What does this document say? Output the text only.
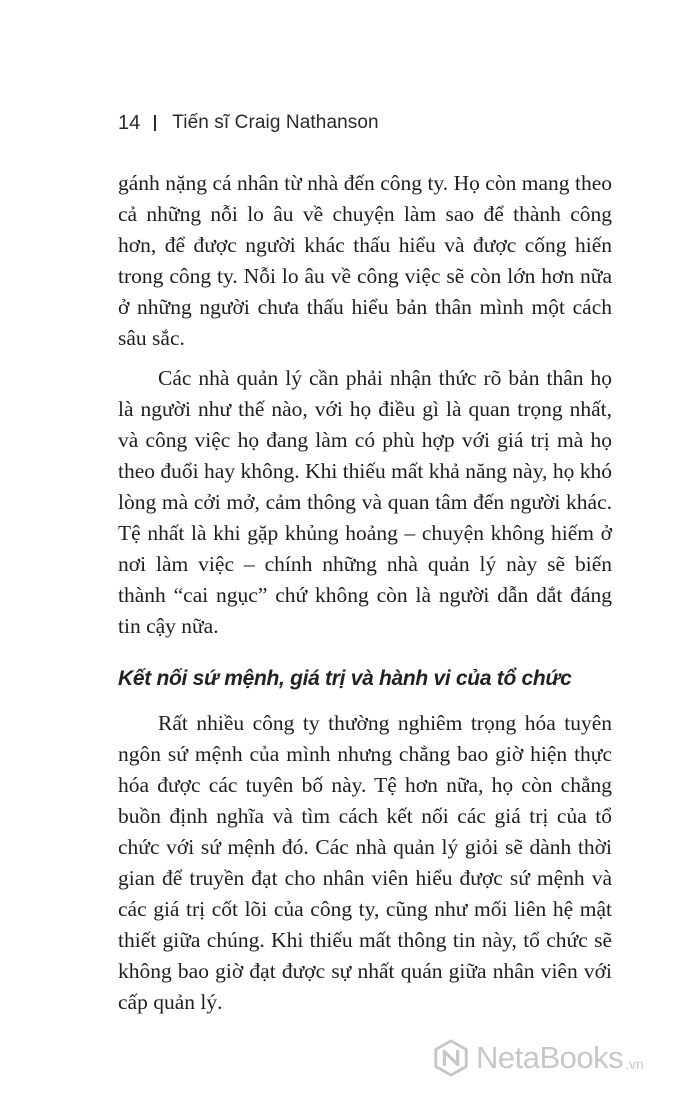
14 Tiến sĩ Craig Nathanson

gánh nặng cá nhân từ nhà đến công ty. Họ còn mang theo cả những nỗi lo âu về chuyện làm sao để thành công hơn, để được người khác thấu hiểu và được cống hiến trong công ty. Nỗi lo âu về công việc sẽ còn lớn hơn nữa ở những người chưa thấu hiểu bản thân mình một cách sâu sắc.

Các nhà quản lý cần phải nhận thức rõ bản thân họ là người như thế nào, với họ điều gì là quan trọng nhất, và công việc họ đang làm có phù hợp với giá trị mà họ theo đuổi hay không. Khi thiếu mất khả năng này, họ khó lòng mà cởi mở, cảm thông và quan tâm đến người khác. Tệ nhất là khi gặp khủng hoảng – chuyện không hiếm ở nơi làm việc – chính những nhà quản lý này sẽ biến thành “cai ngục” chứ không còn là người dẫn dắt đáng tin cậy nữa.

Kết nối sứ mệnh, giá trị và hành vi của tổ chức

Rất nhiều công ty thường nghiêm trọng hóa tuyên ngôn sứ mệnh của mình nhưng chẳng bao giờ hiện thực hóa được các tuyên bố này. Tệ hơn nữa, họ còn chẳng buồn định nghĩa và tìm cách kết nối các giá trị của tổ chức với sứ mệnh đó. Các nhà quản lý giỏi sẽ dành thời gian để truyền đạt cho nhân viên hiểu được sứ mệnh và các giá trị cốt lõi của công ty, cũng như mối liên hệ mật thiết giữa chúng. Khi thiếu mất thông tin này, tổ chức sẽ không bao giờ đạt được sự nhất quán giữa nhân viên với cấp quản lý.

NetaBooks .vn
